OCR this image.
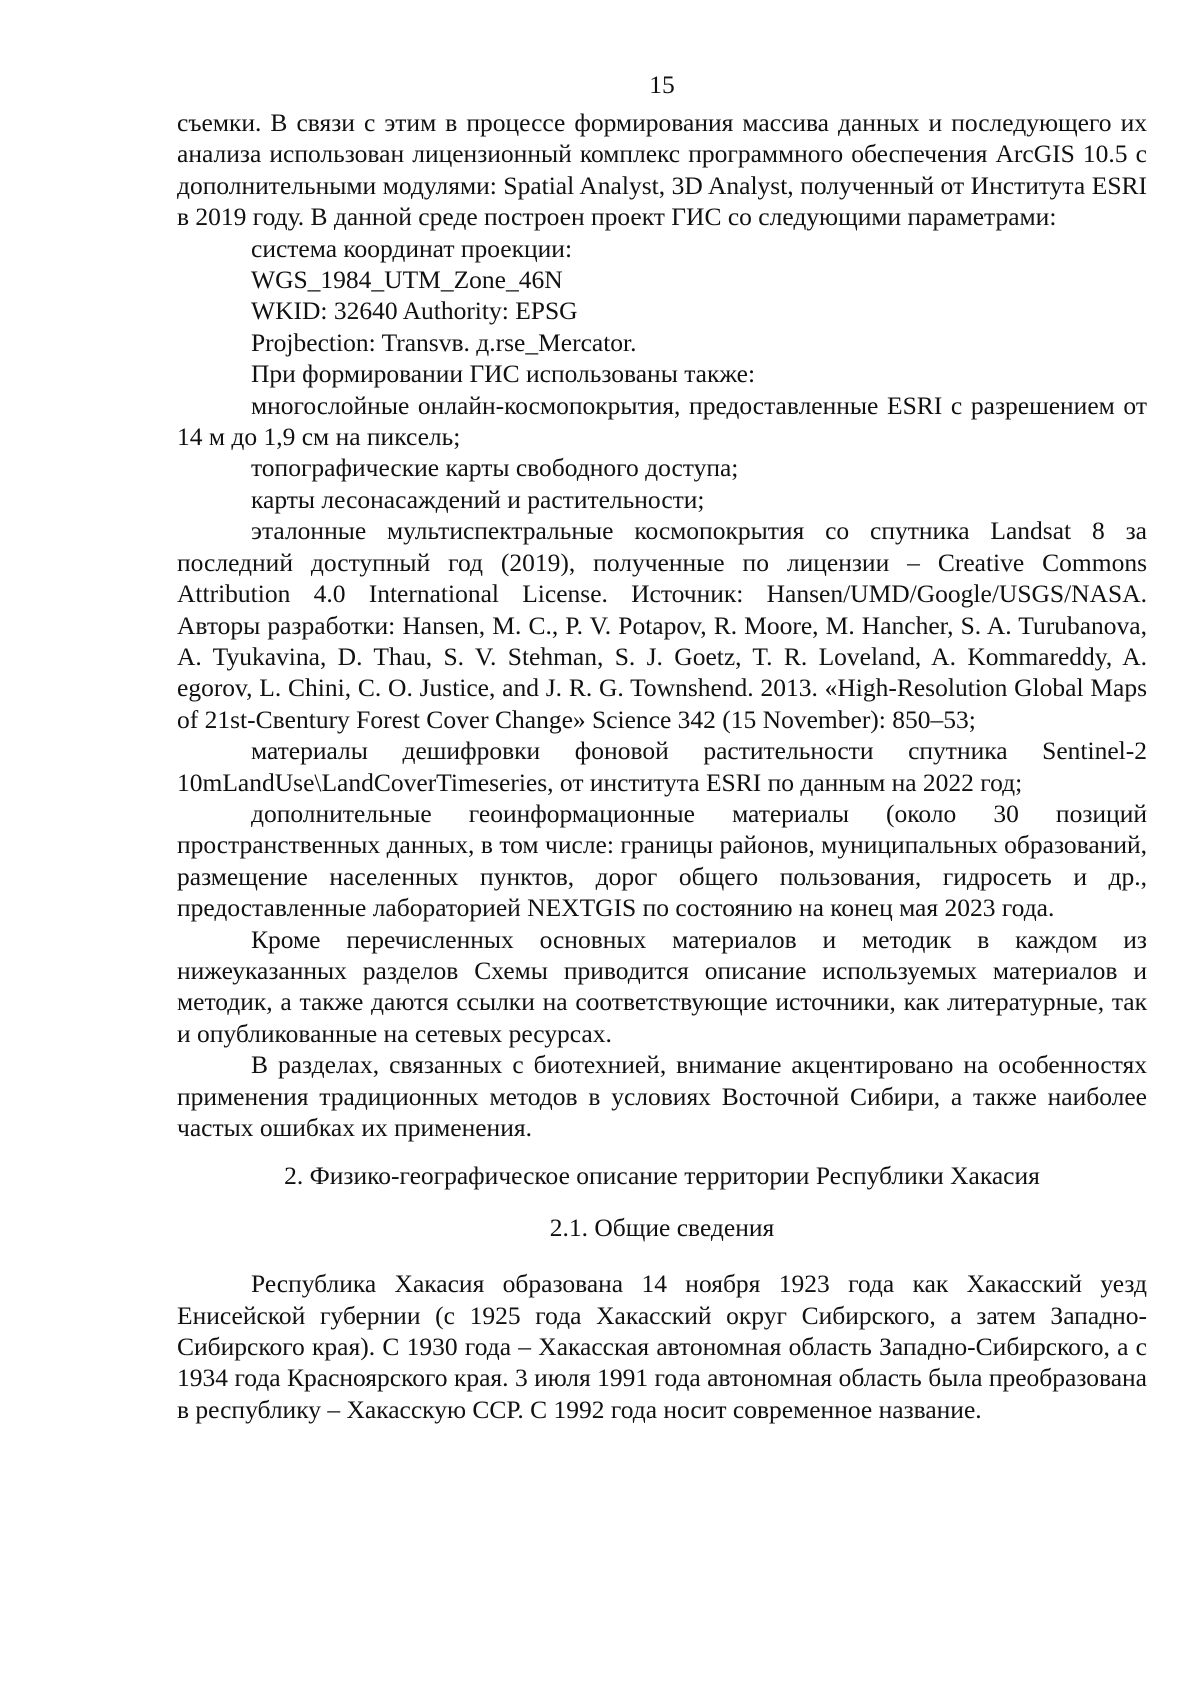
15

съемки. В связи с этим в процессе формирования массива данных и последующего их анализа использован лицензионный комплекс программного обеспечения ArcGIS 10.5 с дополнительными модулями: Spatial Analyst, 3D Analyst, полученный от Института ESRI в 2019 году. В данной среде построен проект ГИС со следующими параметрами:

система координат проекции:

WGS_1984_UTM_Zone_46N

WKID: 32640 Authority: EPSG

Projbection: Transvв. д.rse_Mercator.

При формировании ГИС использованы также:

многослойные онлайн-космопокрытия, предоставленные ESRI с разрешением от 14 м до 1,9 см на пиксель;

топографические карты свободного доступа;

карты лесонасаждений и растительности;

эталонные мультиспектральные космопокрытия со спутника Landsat 8 за последний доступный год (2019), полученные по лицензии – Creative Commons Attribution 4.0 International License. Источник: Hansen/UMD/Google/USGS/NASA. Авторы разработки: Hansen, M. C., P. V. Potapov, R. Moore, M. Hancher, S. A. Turubanova, A. Tyukavina, D. Thau, S. V. Stehman, S. J. Goetz, T. R. Loveland, A. Kommareddy, A. egorov, L. Chini, C. O. Justice, and J. R. G. Townshend. 2013. «High-Resolution Global Maps of 21st-Cвentury Forest Cover Change» Science 342 (15 November): 850–53;

материалы дешифровки фоновой растительности спутника Sentinel-2 10mLandUse\LandCoverTimeseries, от института ESRI по данным на 2022 год;

дополнительные геоинформационные материалы (около 30 позиций пространственных данных, в том числе: границы районов, муниципальных образований, размещение населенных пунктов, дорог общего пользования, гидросеть и др., предоставленные лабораторией NEXTGIS по состоянию на конец мая 2023 года.

Кроме перечисленных основных материалов и методик в каждом из нижеуказанных разделов Схемы приводится описание используемых материалов и методик, а также даются ссылки на соответствующие источники, как литературные, так и опубликованные на сетевых ресурсах.

В разделах, связанных с биотехнией, внимание акцентировано на особенностях применения традиционных методов в условиях Восточной Сибири, а также наиболее частых ошибках их применения.

2. Физико-географическое описание территории Республики Хакасия

2.1. Общие сведения

Республика Хакасия образована 14 ноября 1923 года как Хакасский уезд Енисейской губернии (с 1925 года Хакасский округ Сибирского, а затем Западно-Сибирского края). С 1930 года – Хакасская автономная область Западно-Сибирского, а с 1934 года Красноярского края. 3 июля 1991 года автономная область была преобразована в республику – Хакасскую ССР. С 1992 года носит современное название.
